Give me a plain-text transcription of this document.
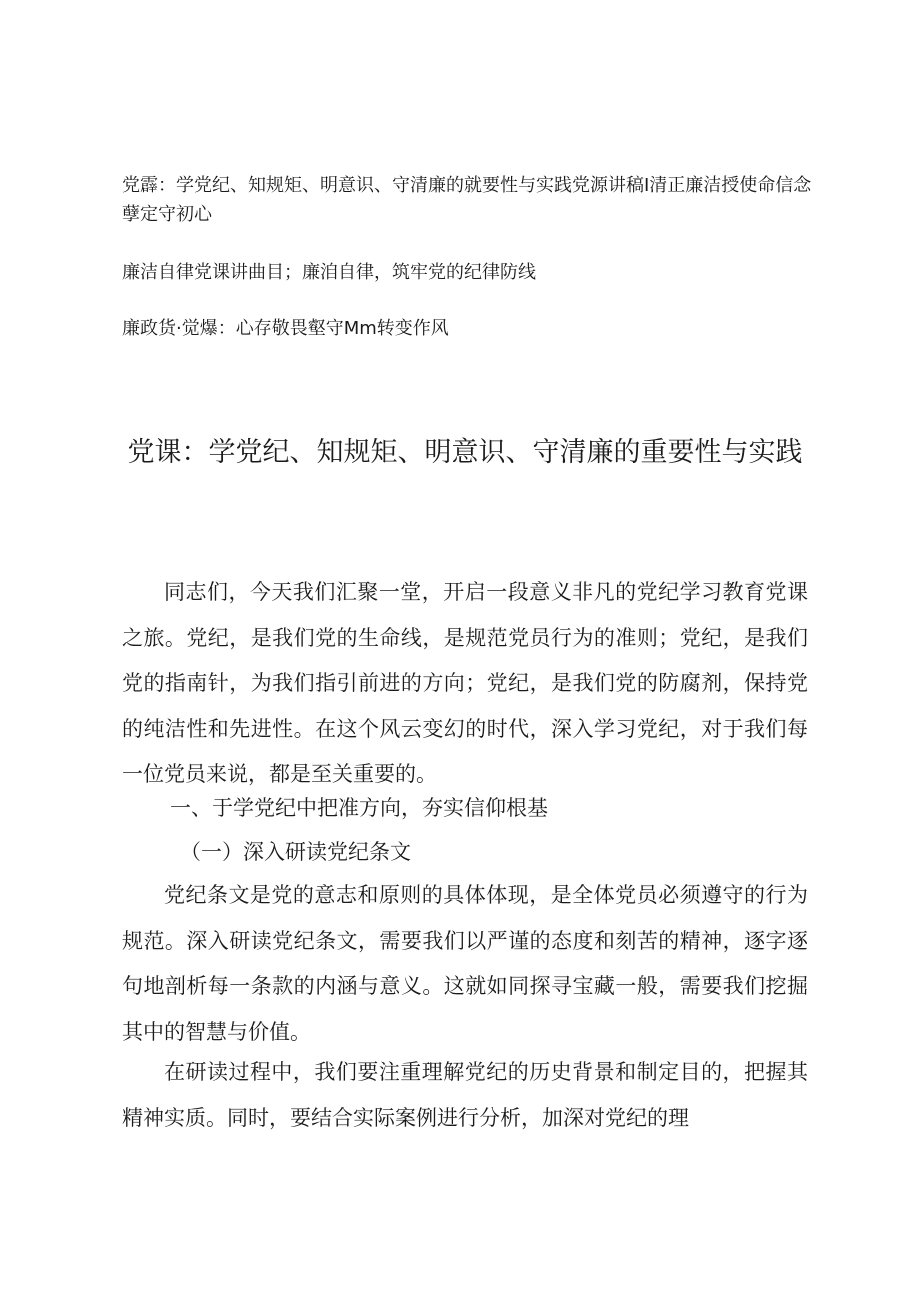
党霹：学党纪、知规矩、明意识、守清廉的就要性与实践党源讲稿I清正廉洁授使命信念孽定守初心

廉洁自律党课讲曲目；廉洎自律，筑牢党的纪律防线

廉政货·觉爆：心存敬畏壑守Mm转变作风

党课：学党纪、知规矩、明意识、守清廉的重要性与实践

同志们，今天我们汇聚一堂，开启一段意义非凡的党纪学习教育党课之旅。党纪，是我们党的生命线，是规范党员行为的准则；党纪，是我们党的指南针，为我们指引前进的方向；党纪，是我们党的防腐剂，保持党的纯洁性和先进性。在这个风云变幻的时代，深入学习党纪，对于我们每一位党员来说，都是至关重要的。

一、于学党纪中把准方向，夯实信仰根基
（一）深入研读党纪条文

党纪条文是党的意志和原则的具体体现，是全体党员必须遵守的行为规范。深入研读党纪条文，需要我们以严谨的态度和刻苦的精神，逐字逐句地剖析每一条款的内涵与意义。这就如同探寻宝藏一般，需要我们挖掘其中的智慧与价值。

在研读过程中，我们要注重理解党纪的历史背景和制定目的，把握其精神实质。同时，要结合实际案例进行分析，加深对党纪的理
